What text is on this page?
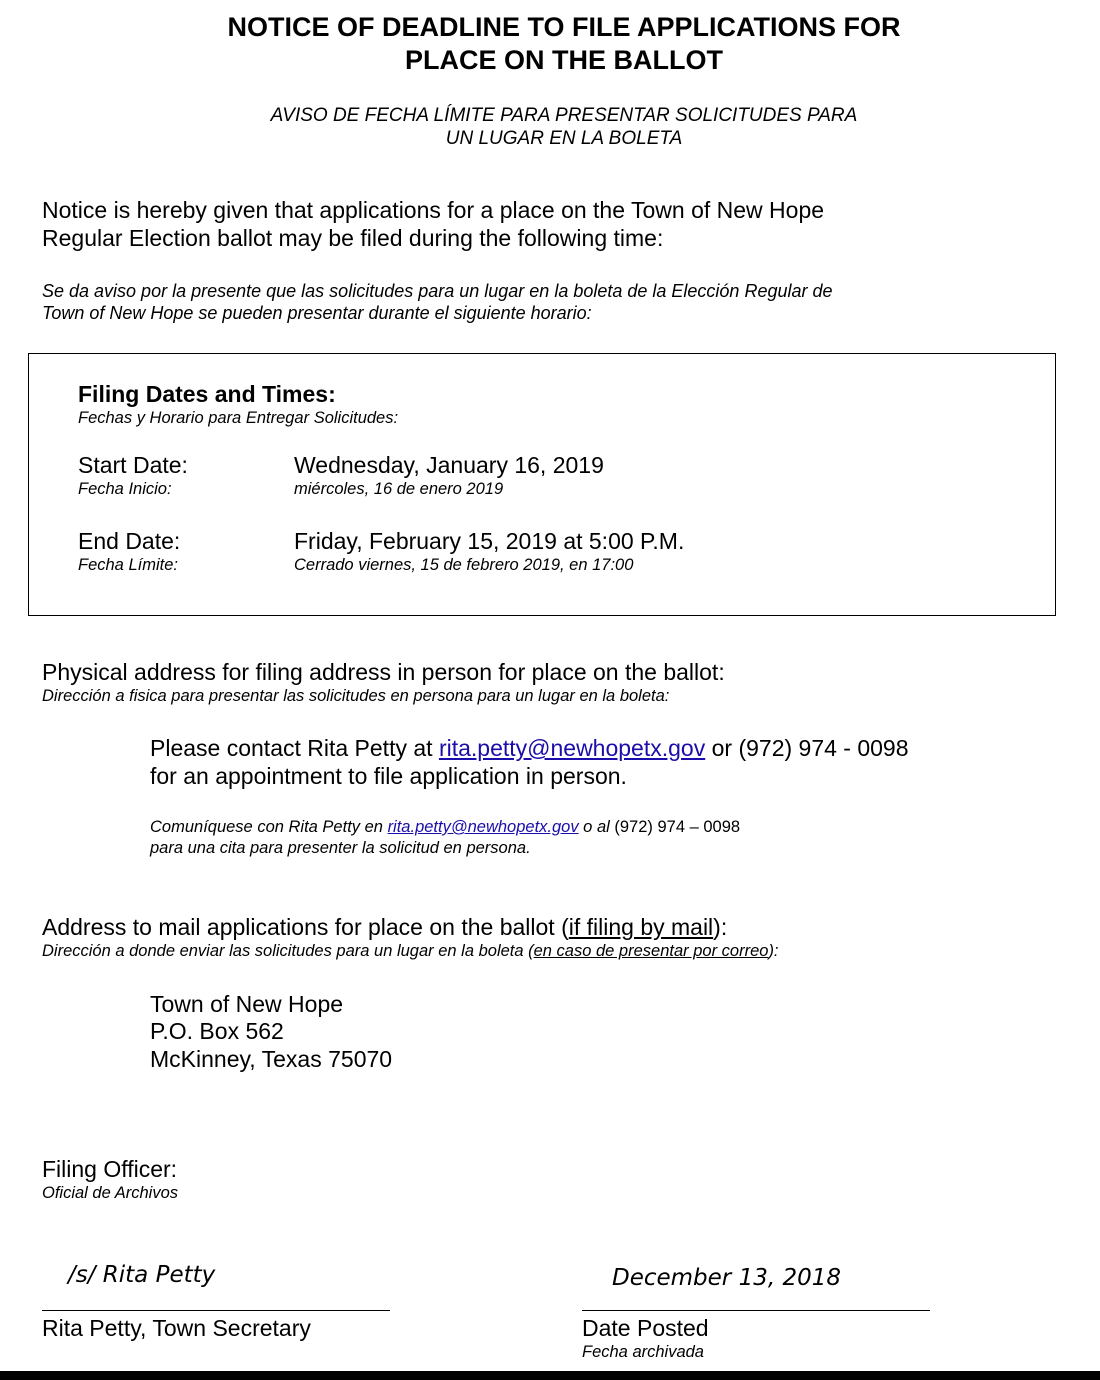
NOTICE OF DEADLINE TO FILE APPLICATIONS FOR
PLACE ON THE BALLOT
AVISO DE FECHA LÍMITE PARA PRESENTAR SOLICITUDES PARA
UN LUGAR EN LA BOLETA
Notice is hereby given that applications for a place on the Town of New Hope
Regular Election ballot may be filed during the following time:
Se da aviso por la presente que las solicitudes para un lugar en la boleta de la Elección Regular de
Town of New Hope se pueden presentar durante el siguiente horario:
Filing Dates and Times:
Fechas y Horario para Entregar Solicitudes:
Start Date:
Fecha Inicio:
Wednesday, January 16, 2019
miércoles, 16 de enero 2019
End Date:
Fecha Límite:
Friday, February 15, 2019 at 5:00 P.M.
Cerrado viernes, 15 de febrero 2019, en 17:00
Physical address for filing address in person for place on the ballot:
Dirección a fisica para presentar las solicitudes en persona para un lugar en la boleta:
Please contact Rita Petty at rita.petty@newhopetx.gov or (972) 974 - 0098
for an appointment to file application in person.
Comuníquese con Rita Petty en rita.petty@newhopetx.gov o al (972) 974 – 0098
para una cita para presenter la solicitud en persona.
Address to mail applications for place on the ballot (if filing by mail):
Dirección a donde enviar las solicitudes para un lugar en la boleta (en caso de presentar por correo):
Town of New Hope
P.O. Box 562
McKinney, Texas 75070
Filing Officer:
Oficial de Archivos
/s/ Rita Petty
Rita Petty, Town Secretary
December 13, 2018
Date Posted
Fecha archivada
